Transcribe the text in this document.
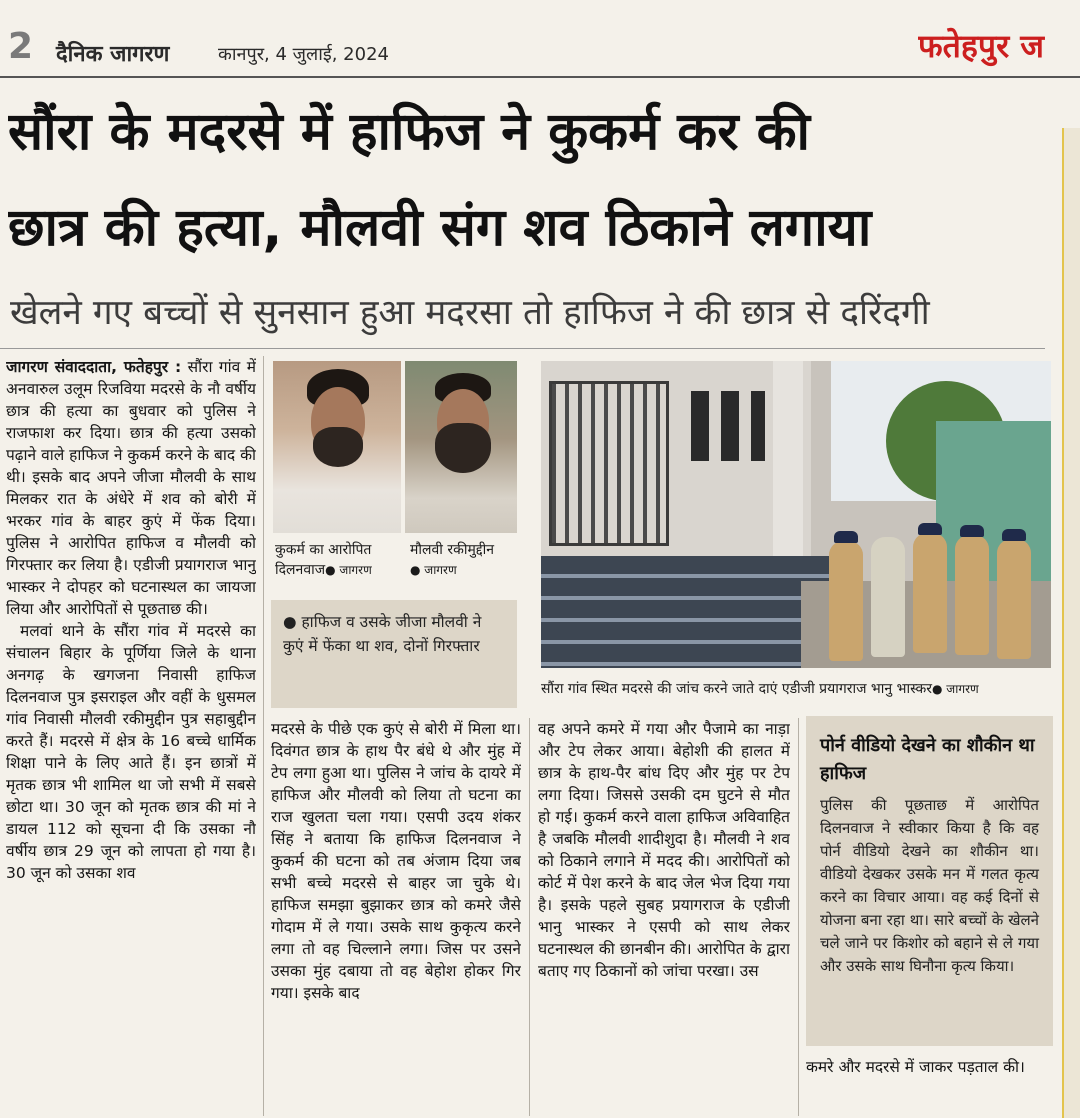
2 दैनिक जागरण	कानपुर, 4 जुलाई, 2024	फतेहपुर ज
सौंरा के मदरसे में हाफिज ने कुकर्म कर की
छात्र की हत्या, मौलवी संग शव ठिकाने लगाया
खेलने गए बच्चों से सुनसान हुआ मदरसा तो हाफिज ने की छात्र से दरिंदगी

जागरण संवाददाता, फतेहपुर : सौंरा गांव में अनवारुल उलूम रिजविया मदरसे के नौ वर्षीय छात्र की हत्या का बुधवार को पुलिस ने राजफाश कर दिया। छात्र की हत्या उसको पढ़ाने वाले हाफिज ने कुकर्म करने के बाद की थी। इसके बाद अपने जीजा मौलवी के साथ मिलकर रात के अंधेरे में शव को बोरी में भरकर गांव के बाहर कुएं में फेंक दिया। पुलिस ने आरोपित हाफिज व मौलवी को गिरफ्तार कर लिया है। एडीजी प्रयागराज भानु भास्कर ने दोपहर को घटनास्थल का जायजा लिया और आरोपितों से पूछताछ की।

मलवां थाने के सौंरा गांव में मदरसे का संचालन बिहार के पूर्णिया जिले के थाना अनगढ़ के खगजना निवासी हाफिज दिलनवाज पुत्र इसराइल और वहीं के धुसमल गांव निवासी मौलवी रकीमुद्दीन पुत्र सहाबुद्दीन करते हैं। मदरसे में क्षेत्र के 16 बच्चे धार्मिक शिक्षा पाने के लिए आते हैं। इन छात्रों में मृतक छात्र भी शामिल था जो सभी में सबसे छोटा था। 30 जून को मृतक छात्र की मां ने डायल 112 को सूचना दी कि उसका नौ वर्षीय छात्र 29 जून को लापता हो गया है। 30 जून को उसका शव

कुकर्म का आरोपित दिलनवाज● जागरण
मौलवी रकीमुद्दीन
● जागरण
● हाफिज व उसके जीजा मौलवी ने कुएं में फेंका था शव, दोनों गिरफ्तार

मदरसे के पीछे एक कुएं से बोरी में मिला था। दिवंगत छात्र के हाथ पैर बंधे थे और मुंह में टेप लगा हुआ था। पुलिस ने जांच के दायरे में हाफिज और मौलवी को लिया तो घटना का राज खुलता चला गया। एसपी उदय शंकर सिंह ने बताया कि हाफिज दिलनवाज ने कुकर्म की घटना को तब अंजाम दिया जब सभी बच्चे मदरसे से बाहर जा चुके थे। हाफिज समझा बुझाकर छात्र को कमरे जैसे गोदाम में ले गया। उसके साथ कुकृत्य करने लगा तो वह चिल्लाने लगा। जिस पर उसने उसका मुंह दबाया तो वह बेहोश होकर गिर गया। इसके बाद

सौंरा गांव स्थित मदरसे की जांच करने जाते दाएं एडीजी प्रयागराज भानु भास्कर● जागरण

वह अपने कमरे में गया और पैजामे का नाड़ा और टेप लेकर आया। बेहोशी की हालत में छात्र के हाथ-पैर बांध दिए और मुंह पर टेप लगा दिया। जिससे उसकी दम घुटने से मौत हो गई। कुकर्म करने वाला हाफिज अविवाहित है जबकि मौलवी शादीशुदा है। मौलवी ने शव को ठिकाने लगाने में मदद की। आरोपितों को कोर्ट में पेश करने के बाद जेल भेज दिया गया है। इसके पहले सुबह प्रयागराज के एडीजी भानु भास्कर ने एसपी को साथ लेकर घटनास्थल की छानबीन की। आरोपित के द्वारा बताए गए ठिकानों को जांचा परखा। उस

पोर्न वीडियो देखने का शौकीन था हाफिज
पुलिस की पूछताछ में आरोपित दिलनवाज ने स्वीकार किया है कि वह पोर्न वीडियो देखने का शौकीन था। वीडियो देखकर उसके मन में गलत कृत्य करने का विचार आया। वह कई दिनों से योजना बना रहा था। सारे बच्चों के खेलने चले जाने पर किशोर को बहाने से ले गया और उसके साथ घिनौना कृत्य किया।

कमरे और मदरसे में जाकर पड़ताल की।
